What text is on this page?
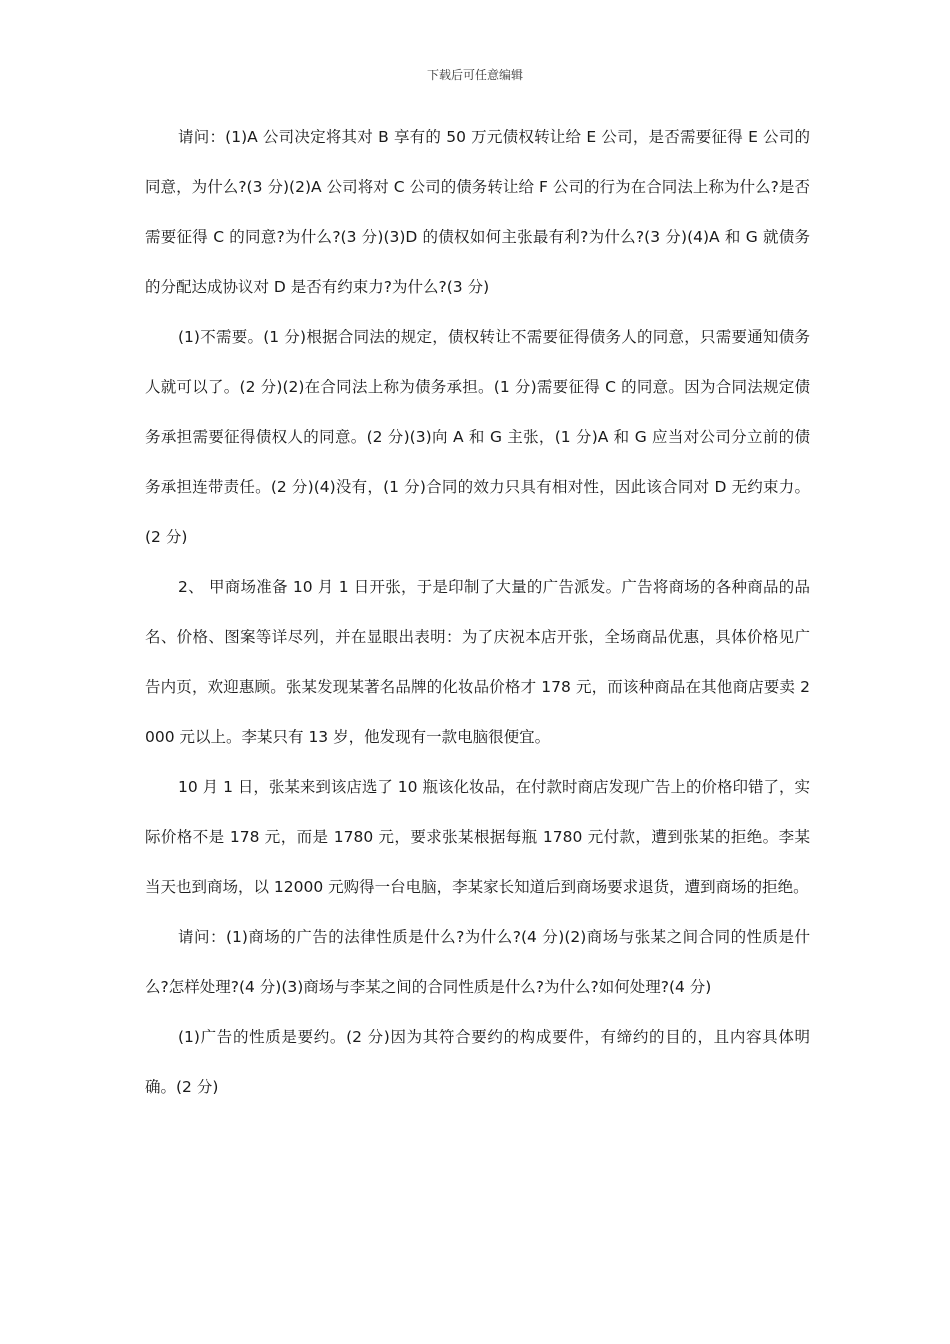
下载后可任意编辑

请问：(1)A 公司决定将其对 B 享有的 50 万元债权转让给 E 公司，是否需要征得 E 公司的同意，为什么?(3 分)(2)A 公司将对 C 公司的债务转让给 F 公司的行为在合同法上称为什么?是否需要征得 C 的同意?为什么?(3 分)(3)D 的债权如何主张最有利?为什么?(3 分)(4)A 和 G 就债务的分配达成协议对 D 是否有约束力?为什么?(3 分)

(1)不需要。(1 分)根据合同法的规定，债权转让不需要征得债务人的同意，只需要通知债务人就可以了。(2 分)(2)在合同法上称为债务承担。(1 分)需要征得 C 的同意。因为合同法规定债务承担需要征得债权人的同意。(2 分)(3)向 A 和 G 主张，(1 分)A 和 G 应当对公司分立前的债务承担连带责任。(2 分)(4)没有，(1 分)合同的效力只具有相对性，因此该合同对 D 无约束力。(2 分)

2、 甲商场准备 10 月 1 日开张，于是印制了大量的广告派发。广告将商场的各种商品的品名、价格、图案等详尽列，并在显眼出表明：为了庆祝本店开张，全场商品优惠，具体价格见广告内页，欢迎惠顾。张某发现某著名品牌的化妆品价格才 178 元，而该种商品在其他商店要卖 2000 元以上。李某只有 13 岁，他发现有一款电脑很便宜。

10 月 1 日，张某来到该店选了 10 瓶该化妆品，在付款时商店发现广告上的价格印错了，实际价格不是 178 元，而是 1780 元，要求张某根据每瓶 1780 元付款，遭到张某的拒绝。李某当天也到商场，以 12000 元购得一台电脑，李某家长知道后到商场要求退货，遭到商场的拒绝。

请问：(1)商场的广告的法律性质是什么?为什么?(4 分)(2)商场与张某之间合同的性质是什么?怎样处理?(4 分)(3)商场与李某之间的合同性质是什么?为什么?如何处理?(4 分)

(1)广告的性质是要约。(2 分)因为其符合要约的构成要件，有缔约的目的，且内容具体明确。(2 分)
